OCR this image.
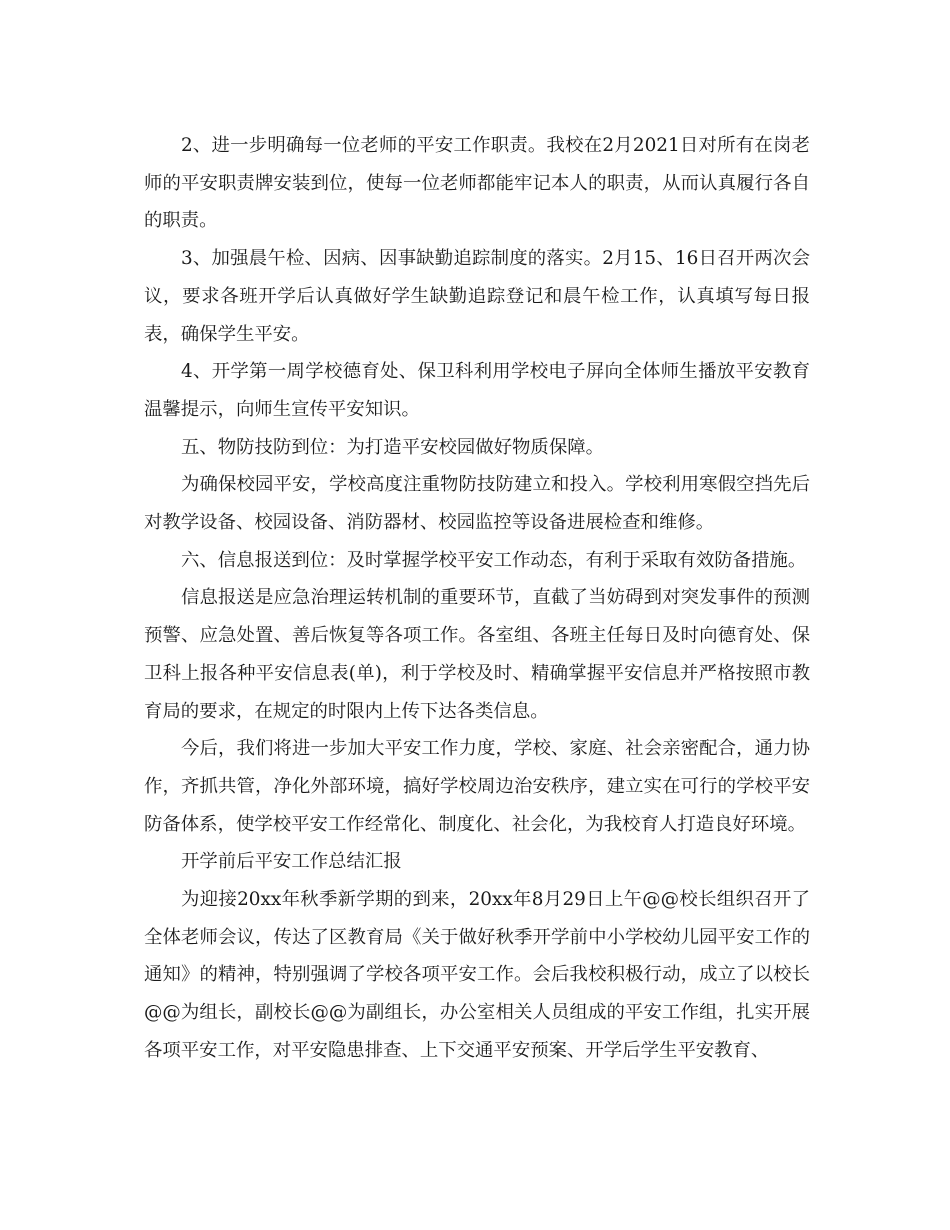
2、进一步明确每一位老师的平安工作职责。我校在2月2021日对所有在岗老师的平安职责牌安装到位，使每一位老师都能牢记本人的职责，从而认真履行各自的职责。

3、加强晨午检、因病、因事缺勤追踪制度的落实。2月15、16日召开两次会议，要求各班开学后认真做好学生缺勤追踪登记和晨午检工作，认真填写每日报表，确保学生平安。

4、开学第一周学校德育处、保卫科利用学校电子屏向全体师生播放平安教育温馨提示，向师生宣传平安知识。

五、物防技防到位：为打造平安校园做好物质保障。

为确保校园平安，学校高度注重物防技防建立和投入。学校利用寒假空挡先后对教学设备、校园设备、消防器材、校园监控等设备进展检查和维修。

六、信息报送到位：及时掌握学校平安工作动态，有利于采取有效防备措施。

信息报送是应急治理运转机制的重要环节，直截了当妨碍到对突发事件的预测预警、应急处置、善后恢复等各项工作。各室组、各班主任每日及时向德育处、保卫科上报各种平安信息表(单)，利于学校及时、精确掌握平安信息并严格按照市教育局的要求，在规定的时限内上传下达各类信息。

今后，我们将进一步加大平安工作力度，学校、家庭、社会亲密配合，通力协作，齐抓共管，净化外部环境，搞好学校周边治安秩序，建立实在可行的学校平安防备体系，使学校平安工作经常化、制度化、社会化，为我校育人打造良好环境。

开学前后平安工作总结汇报

为迎接20xx年秋季新学期的到来，20xx年8月29日上午@@校长组织召开了全体老师会议，传达了区教育局《关于做好秋季开学前中小学校幼儿园平安工作的通知》的精神，特别强调了学校各项平安工作。会后我校积极行动，成立了以校长@@为组长，副校长@@为副组长，办公室相关人员组成的平安工作组，扎实开展各项平安工作，对平安隐患排查、上下交通平安预案、开学后学生平安教育、
